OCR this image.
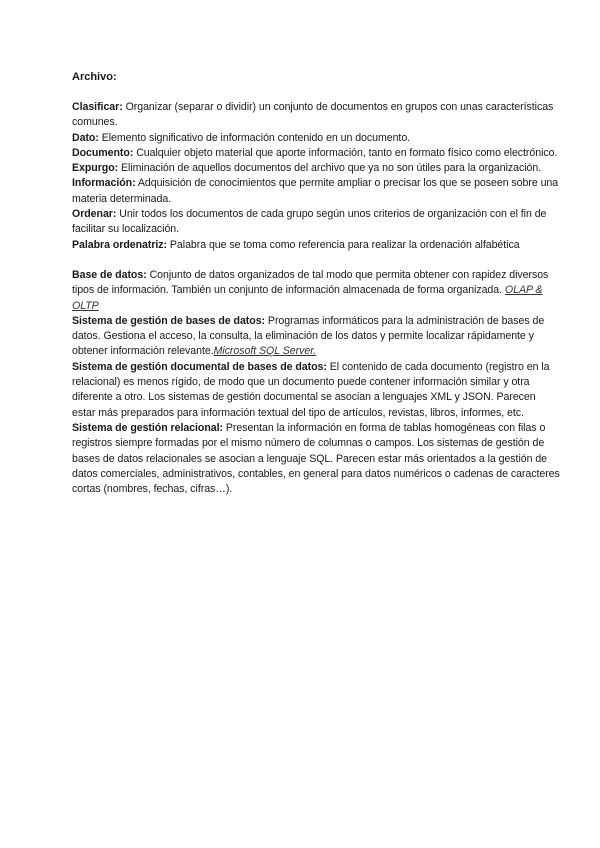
Archivo:

Clasificar: Organizar (separar o dividir) un conjunto de documentos en grupos con unas características comunes.

Dato: Elemento significativo de información contenido en un documento.

Documento: Cualquier objeto material que aporte información, tanto en formato físico como electrónico.

Expurgo: Eliminación de aquellos documentos del archivo que ya no son útiles para la organización.

Información: Adquisición de conocimientos que permite ampliar o precisar los que se poseen sobre una materia determinada.

Ordenar: Unir todos los documentos de cada grupo según unos criterios de organización con el fin de facilitar su localización.

Palabra ordenatriz: Palabra que se toma como referencia para realizar la ordenación alfabética

Base de datos: Conjunto de datos organizados de tal modo que permita obtener con rapidez diversos tipos de información. También un conjunto de información almacenada de forma organizada. OLAP & OLTP

Sistema de gestión de bases de datos: Programas informáticos para la administración de bases de datos. Gestiona el acceso, la consulta, la eliminación de los datos y permite localizar rápidamente y obtener información relevante.Microsoft SQL Server.

Sistema de gestión documental de bases de datos: El contenido de cada documento (registro en la relacional) es menos rígido, de modo que un documento puede contener información similar y otra diferente a otro. Los sistemas de gestión documental se asocian a lenguajes XML y JSON. Parecen estar más preparados para información textual del tipo de artículos, revistas, libros, informes, etc.

Sistema de gestión relacional: Presentan la información en forma de tablas homogéneas con filas o registros siempre formadas por el mismo número de columnas o campos. Los sistemas de gestión de bases de datos relacionales se asocian a lenguaje SQL. Parecen estar más orientados a la gestión de datos comerciales, administrativos, contables, en general para datos numéricos o cadenas de caracteres cortas (nombres, fechas, cifras…).
